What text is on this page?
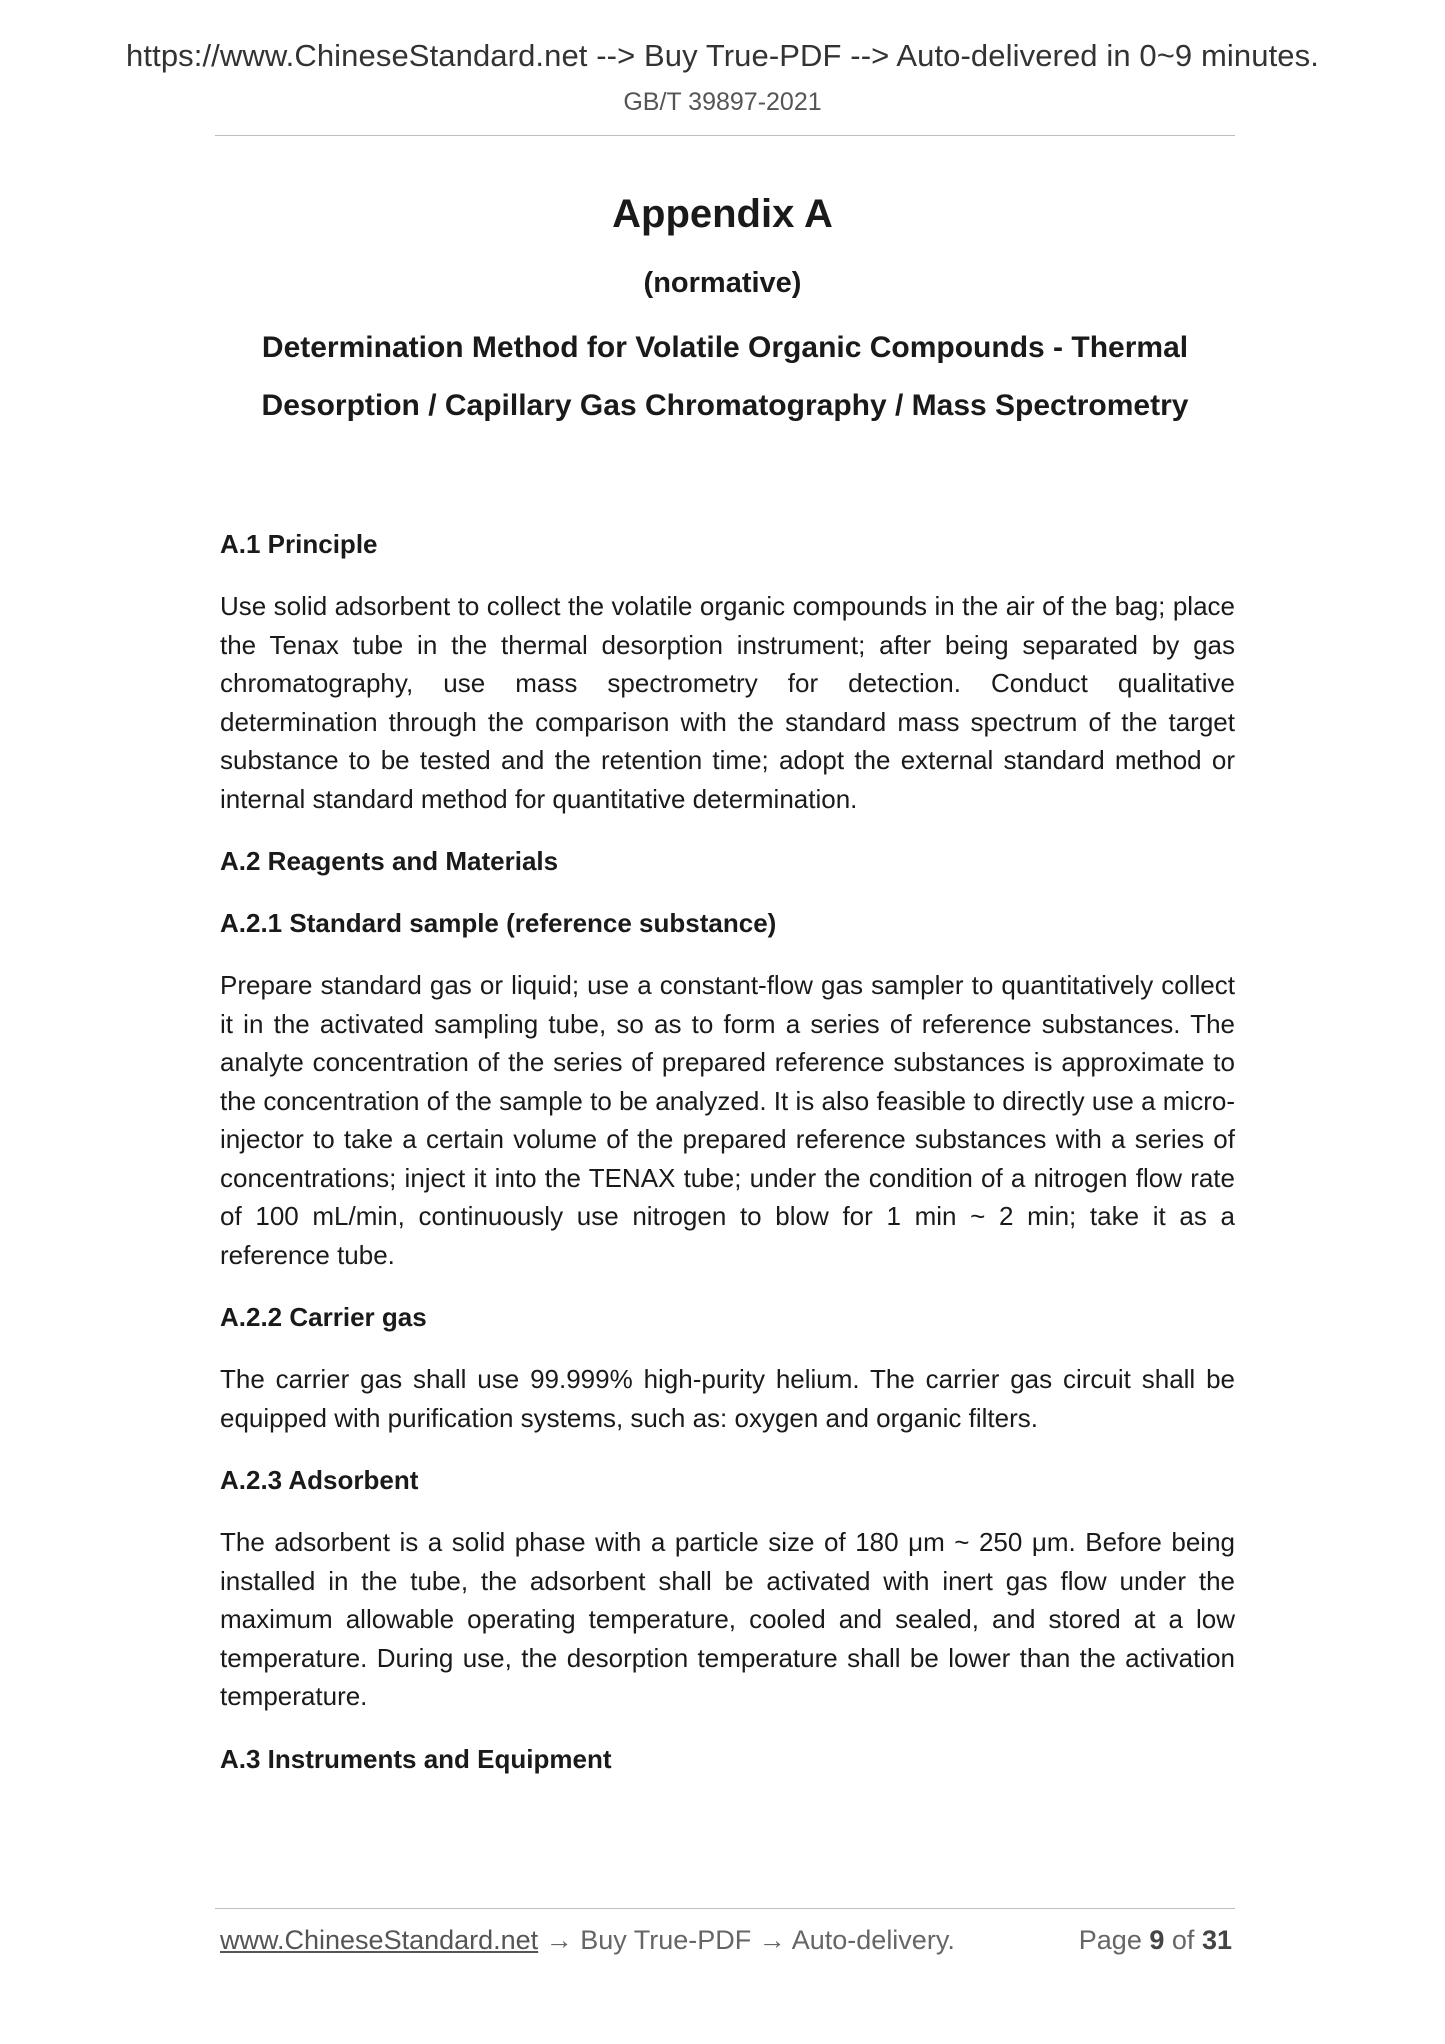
https://www.ChineseStandard.net --> Buy True-PDF --> Auto-delivered in 0~9 minutes.
GB/T 39897-2021
Appendix A
(normative)
Determination Method for Volatile Organic Compounds - Thermal Desorption / Capillary Gas Chromatography / Mass Spectrometry
A.1 Principle

Use solid adsorbent to collect the volatile organic compounds in the air of the bag; place the Tenax tube in the thermal desorption instrument; after being separated by gas chromatography, use mass spectrometry for detection. Conduct qualitative determination through the comparison with the standard mass spectrum of the target substance to be tested and the retention time; adopt the external standard method or internal standard method for quantitative determination.

A.2 Reagents and Materials
A.2.1 Standard sample (reference substance)

Prepare standard gas or liquid; use a constant-flow gas sampler to quantitatively collect it in the activated sampling tube, so as to form a series of reference substances. The analyte concentration of the series of prepared reference substances is approximate to the concentration of the sample to be analyzed. It is also feasible to directly use a micro-injector to take a certain volume of the prepared reference substances with a series of concentrations; inject it into the TENAX tube; under the condition of a nitrogen flow rate of 100 mL/min, continuously use nitrogen to blow for 1 min ~ 2 min; take it as a reference tube.

A.2.2 Carrier gas

The carrier gas shall use 99.999% high-purity helium. The carrier gas circuit shall be equipped with purification systems, such as: oxygen and organic filters.

A.2.3 Adsorbent

The adsorbent is a solid phase with a particle size of 180 μm ~ 250 μm. Before being installed in the tube, the adsorbent shall be activated with inert gas flow under the maximum allowable operating temperature, cooled and sealed, and stored at a low temperature. During use, the desorption temperature shall be lower than the activation temperature.

A.3 Instruments and Equipment
www.ChineseStandard.net → Buy True-PDF → Auto-delivery.	Page 9 of 31
